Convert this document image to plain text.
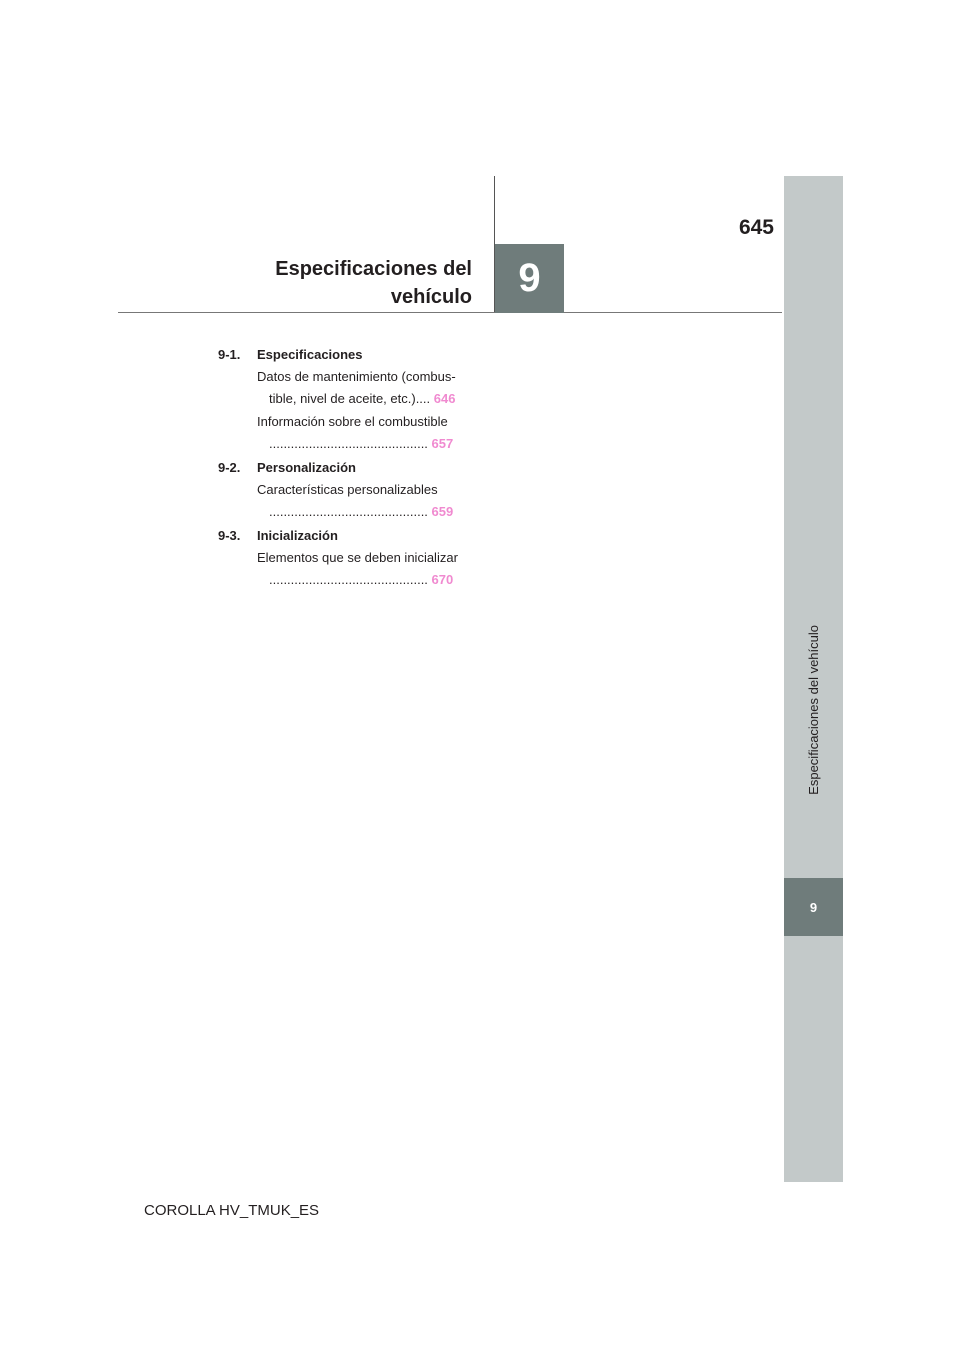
645
Especificaciones del
vehículo	9
Especificaciones del vehículo
9
9-1.	Especificaciones
Datos de mantenimiento (combus-
tible, nivel de aceite, etc.).... 646
Información sobre el combustible
............................................ 657
9-2.	Personalización
Características personalizables
............................................ 659
9-3.	Inicialización
Elementos que se deben inicializar
............................................ 670
COROLLA HV_TMUK_ES
